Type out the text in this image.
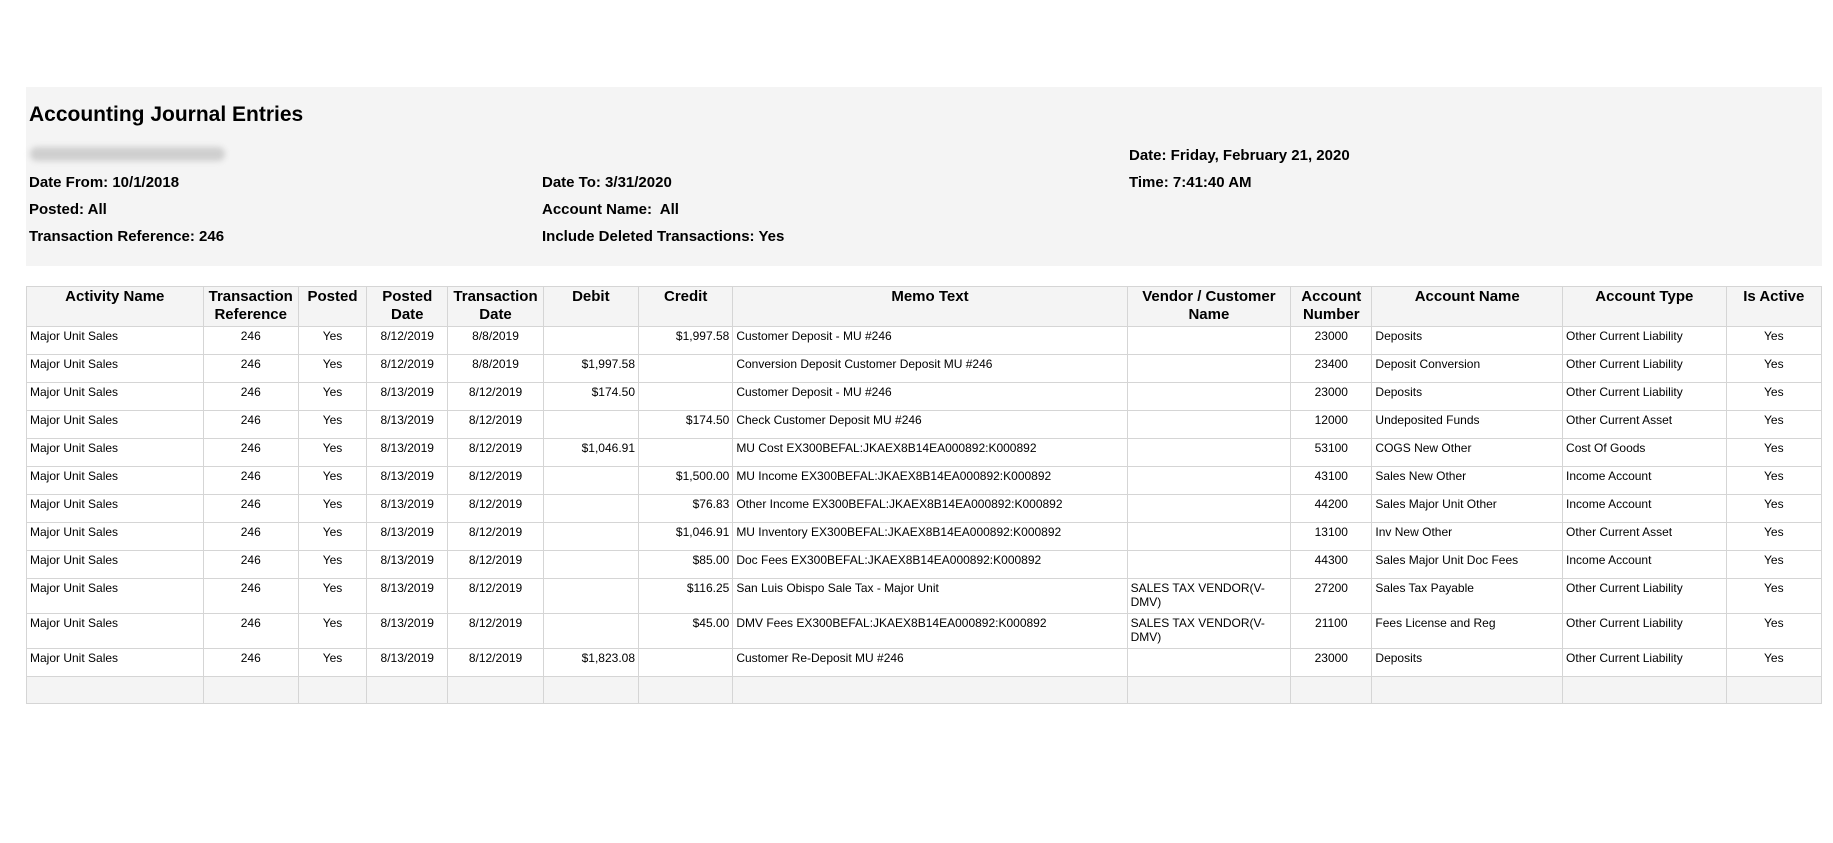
Accounting Journal Entries
Date From: 10/1/2018	Date To: 3/31/2020
Date: Friday, February 21, 2020
Time: 7:41:40 AM
Posted: All	Account Name:  All
Transaction Reference: 246	Include Deleted Transactions: Yes
Activity Name	Transaction Reference	Posted	Posted Date	Transaction Date	Debit	Credit	Memo Text	Vendor / Customer Name	Account Number	Account Name	Account Type	Is Active
Major Unit Sales	246	Yes	8/12/2019	8/8/2019		$1,997.58	Customer Deposit - MU #246		23000	Deposits	Other Current Liability	Yes
Major Unit Sales	246	Yes	8/12/2019	8/8/2019	$1,997.58		Conversion Deposit Customer Deposit MU #246		23400	Deposit Conversion	Other Current Liability	Yes
Major Unit Sales	246	Yes	8/13/2019	8/12/2019	$174.50		Customer Deposit - MU #246		23000	Deposits	Other Current Liability	Yes
Major Unit Sales	246	Yes	8/13/2019	8/12/2019		$174.50	Check Customer Deposit MU #246		12000	Undeposited Funds	Other Current Asset	Yes
Major Unit Sales	246	Yes	8/13/2019	8/12/2019	$1,046.91		MU Cost EX300BEFAL:JKAEX8B14EA000892:K000892		53100	COGS New Other	Cost Of Goods	Yes
Major Unit Sales	246	Yes	8/13/2019	8/12/2019		$1,500.00	MU Income EX300BEFAL:JKAEX8B14EA000892:K000892		43100	Sales New Other	Income Account	Yes
Major Unit Sales	246	Yes	8/13/2019	8/12/2019		$76.83	Other Income EX300BEFAL:JKAEX8B14EA000892:K000892		44200	Sales Major Unit Other	Income Account	Yes
Major Unit Sales	246	Yes	8/13/2019	8/12/2019		$1,046.91	MU Inventory EX300BEFAL:JKAEX8B14EA000892:K000892		13100	Inv New Other	Other Current Asset	Yes
Major Unit Sales	246	Yes	8/13/2019	8/12/2019		$85.00	Doc Fees EX300BEFAL:JKAEX8B14EA000892:K000892		44300	Sales Major Unit Doc Fees	Income Account	Yes
Major Unit Sales	246	Yes	8/13/2019	8/12/2019		$116.25	San Luis Obispo Sale Tax - Major Unit	SALES TAX VENDOR(V-DMV)	27200	Sales Tax Payable	Other Current Liability	Yes
Major Unit Sales	246	Yes	8/13/2019	8/12/2019		$45.00	DMV Fees EX300BEFAL:JKAEX8B14EA000892:K000892	SALES TAX VENDOR(V-DMV)	21100	Fees License and Reg	Other Current Liability	Yes
Major Unit Sales	246	Yes	8/13/2019	8/12/2019	$1,823.08		Customer Re-Deposit MU #246		23000	Deposits	Other Current Liability	Yes
